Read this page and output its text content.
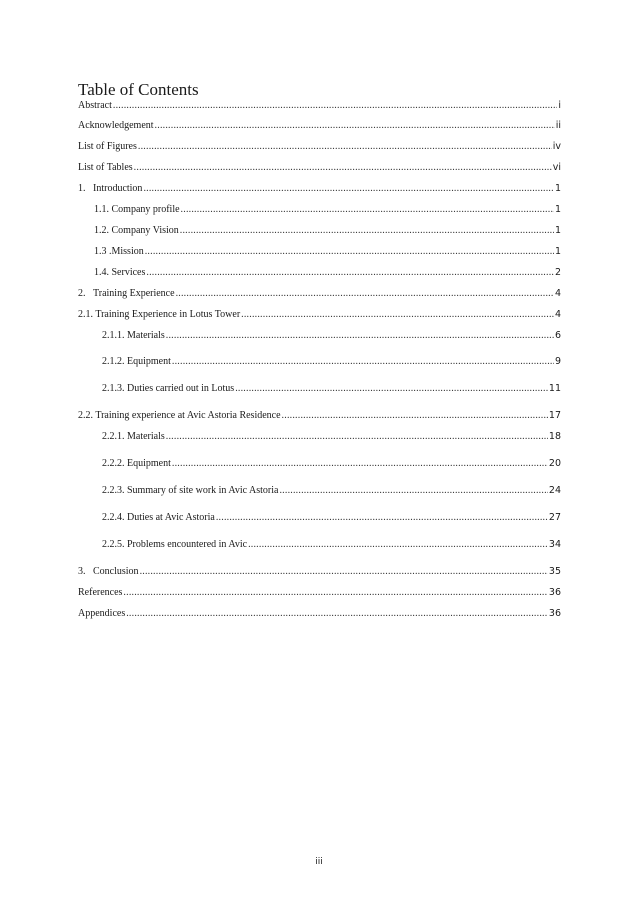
Table of Contents
Abstract .....	i
Acknowledgement .....	ii
List of Figures .....	iv
List of Tables .....	vi
1.   Introduction .....	1
1.1. Company profile .....	1
1.2. Company Vision .....	1
1.3 .Mission .....	1
1.4. Services .....	2
2.   Training Experience .....	4
2.1. Training Experience in Lotus Tower .....	4
2.1.1. Materials .....	6
2.1.2. Equipment .....	9
2.1.3. Duties carried out in Lotus .....	11
2.2. Training experience at Avic Astoria Residence .....	17
2.2.1. Materials .....	18
2.2.2. Equipment .....	20
2.2.3. Summary of site work in Avic Astoria .....	24
2.2.4. Duties at Avic Astoria .....	27
2.2.5. Problems encountered in Avic .....	34
3.   Conclusion .....	35
References .....	36
Appendices .....	36
iii
